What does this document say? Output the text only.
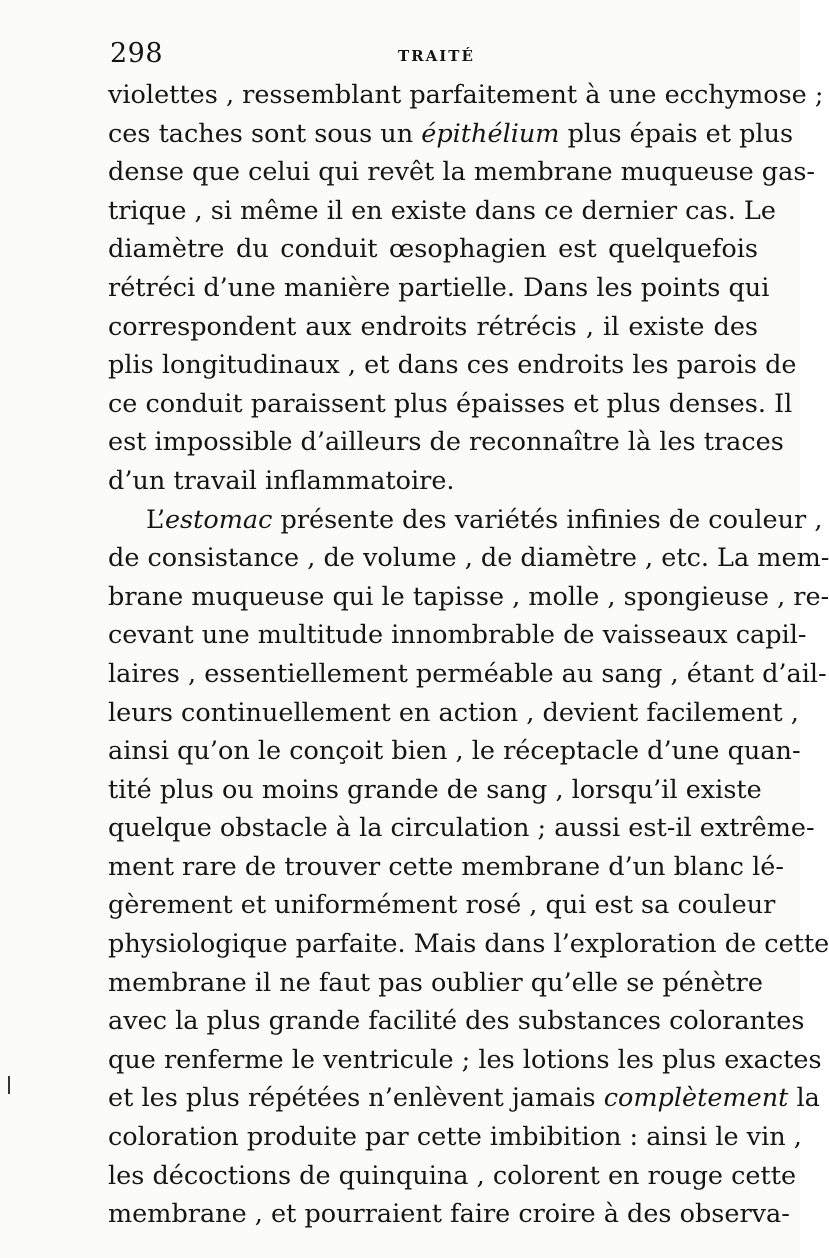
298	TRAITÉ
violettes , ressemblant parfaitement à une ecchymose ;
ces taches sont sous un épithélium plus épais et plus
dense que celui qui revêt la membrane muqueuse gas-
trique , si même il en existe dans ce dernier cas. Le
diamètre du conduit œsophagien est quelquefois
rétréci d’une manière partielle. Dans les points qui
correspondent aux endroits rétrécis , il existe des
plis longitudinaux , et dans ces endroits les parois de
ce conduit paraissent plus épaisses et plus denses. Il
est impossible d’ailleurs de reconnaître là les traces
d’un travail inflammatoire.
L’estomac présente des variétés infinies de couleur ,
de consistance , de volume , de diamètre , etc. La mem-
brane muqueuse qui le tapisse , molle , spongieuse , re-
cevant une multitude innombrable de vaisseaux capil-
laires , essentiellement perméable au sang , étant d’ail-
leurs continuellement en action , devient facilement ,
ainsi qu’on le conçoit bien , le réceptacle d’une quan-
tité plus ou moins grande de sang , lorsqu’il existe
quelque obstacle à la circulation ; aussi est-il extrême-
ment rare de trouver cette membrane d’un blanc lé-
gèrement et uniformément rosé , qui est sa couleur
physiologique parfaite. Mais dans l’exploration de cette
membrane il ne faut pas oublier qu’elle se pénètre
avec la plus grande facilité des substances colorantes
que renferme le ventricule ; les lotions les plus exactes
et les plus répétées n’enlèvent jamais complètement la
coloration produite par cette imbibition : ainsi le vin ,
les décoctions de quinquina , colorent en rouge cette
membrane , et pourraient faire croire à des observa-
